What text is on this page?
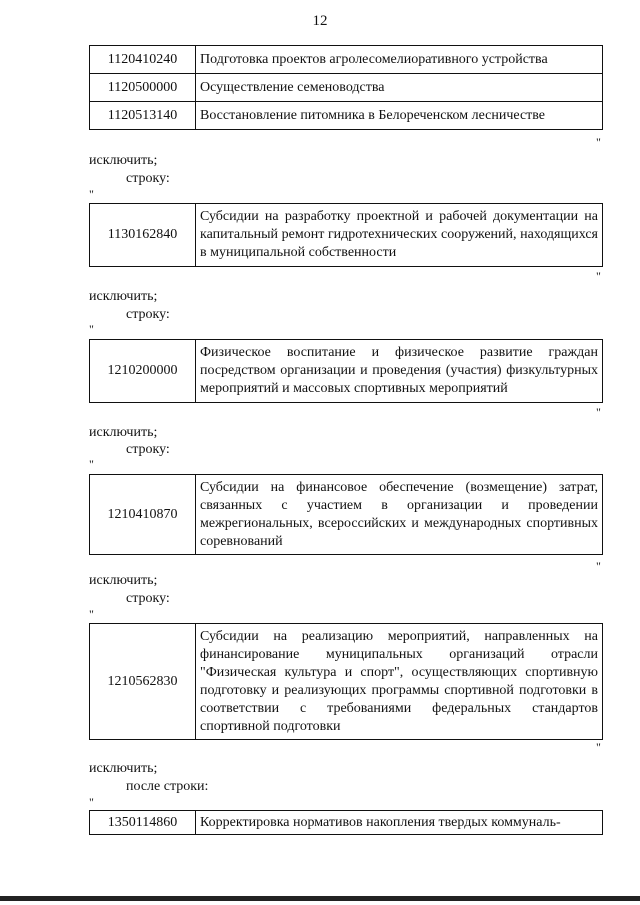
12
1120410240	Подготовка проектов агролесомелиоративного устройства
1120500000	Осуществление семеноводства
1120513140	Восстановление питомника в Белореченском лесничестве
"
исключить;
строку:
"
1130162840	Субсидии на разработку проектной и рабочей документации на капитальный ремонт гидротехнических сооружений, находящихся в муниципальной собственности
"
исключить;
строку:
"
1210200000	Физическое воспитание и физическое развитие граждан посредством организации и проведения (участия) физкультурных мероприятий и массовых спортивных мероприятий
"
исключить;
строку:
"
1210410870	Субсидии на финансовое обеспечение (возмещение) затрат, связанных с участием в организации и проведении межрегиональных, всероссийских и международных спортивных соревнований
"
исключить;
строку:
"
1210562830	Субсидии на реализацию мероприятий, направленных на финансирование муниципальных организаций отрасли "Физическая культура и спорт", осуществляющих спортивную подготовку и реализующих программы спортивной подготовки в соответствии с требованиями федеральных стандартов спортивной подготовки
"
исключить;
после строки:
"
1350114860	Корректировка нормативов накопления твердых коммуналь-
